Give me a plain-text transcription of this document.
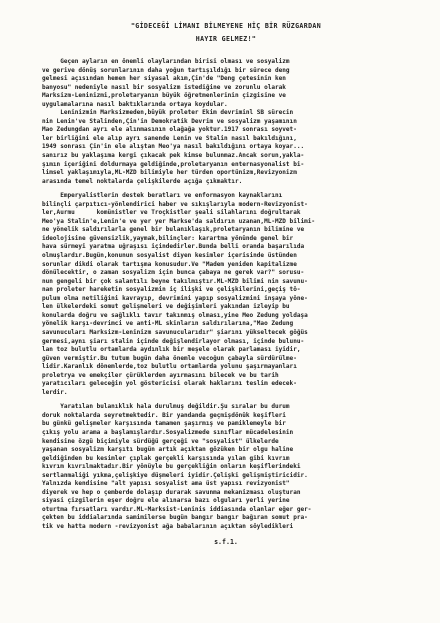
"GİDECEĞİ LİMANI BİLMEYENE HİÇ BİR RÜZGARDAN
HAYIR GELMEZ!"
Geçen ayların en önemli olaylarından birisi olması ve sosyalizm
ve gerive dönüş sorunlarının daha yoğun tartışıldığı bir sürece deng
gelmesi açısından hemen her siyasal akım,Çin'de "Deng çetesinin ken
banyosu" nedeniyle nasıl bir sosyalizm istediğine ve zorunlu olarak
Marksizm-Leninizmi,proletaryanın büyük öğretmenlerinin çizgisine ve
uygulamalarına nasıl baktıklarında ortaya koydular.
Leninizmin Marksizmeden,büyük proleter Ekim devriminl SB sürecin
nin Lenin've Stalinden,Çin'in Demokratik Devrim ve sosyalizm yaşamının
Mao Zedungdan ayrı ele alınmasının olağağa yoktur.1917 sonrası soyvet-
ler birliğini ele alıp ayrı sanende Lenin ve Stalin nasıl bakıldığını,
1949 sonrası Çin'in ele alıştan Meo'ya nasıl bakıldığını ortaya koyar...
sanırız bu yaklaşıma kergi çıkacak pek kimse bulunmaz.Ancak sorun,yakla-
şımın içeriğini doldurmaya geldiğinde,proletaryanın enternasyonalist bi-
limsel yaklaşımıyla,ML-MZD bilimiyle her türden oportünizm,Revizyonizm
arasında temel noktalarda çelişkilerde açığa çıkmaktır.
Emperyalistlerin destek beratları ve enformasyon kaynaklarını
bilinçli çarpıtıcı-yönlendirici haber ve sıkışlarıyla modern-Revizyonist-
ler,Aurmu      komünistler ve Troçkistler şeali silahlarını doğrultarak
Meo'ya Stalin'e,Lenin'e ve yer yer Markse'da saldırın uzanan,ML-MZD bilimi-
ne yönelik saldırılarla genel bir bulanıklaşık,proletaryanın bilimine ve
ideolojisine güvensizlik,yaymak,bilinçler: karartma yönünde genel bir
hava sürmeyi yaratma uğraşısı içindedirler.Bunda belli oranda başarılıda
olmuşlardır.Bugün,konunun sosyalist diyen kesimler içerisinde üstünden
sorunlar dikdi olarak tartışma konusudur.Ve "Madem yeniden kapitalizme
dönülecektir, o zaman sosyalizm için bunca çabaya ne gerek var?" sorusu-
nun gengeli bir çok salantılı beyne takılmıştır.ML-MZD bilimi nin savunu-
nan proleter hareketin sosyalizmin iç ilişki ve çelişkilerini,geçiş tö-
pulum olma netiliğini kavrayıp, devrimini yapıp sosyalizmini inşaya yöne-
len ülkelerdeki somut gelişmeleri ve değişimleri yakından izleyip bu
konularda doğru ve sağlıklı tavır takınmış olması,yine Meo Zedung yoldaşa
yönelik karşı-devrimci ve anti-ML skinların saldırılarına,"Mao Zedung
savunucuları Marksizm-Leninizm savunucularıdır" şiarını yükseltecek göğüs
germesi,aynı şiarı stalin içinde değişlendirlayor olması, içinde bulunu-
lan toz bulutlu ortamlarda aydınlık bir meşele olarak parlaması iyidir,
güven vermiştir.Bu tutum bugün daha önemle vecoğun çabayla sürdürülme-
lidir.Karanlık dönemlerde,toz bulutlu ortamlarda yolunu şaşırmayanları
proletrya ve emekçiler çürüklerden ayırmasını bilecek ve bu tarih
yaratıcıları geleceğin yol göstericisi olarak haklarını teslim edecek-
lerdir.
Yaratılan bulanıklık hala durulmuş değildir.Şu sıralar bu durum
doruk noktalarda seyretmektedir. Bir yandanda geçmişdönük keşifleri
bu günkü gelişmeler karşısında tamamen şaşırmış ve pamiklemeyle bir
çıkış yolu arama a başlamışlardır.Sosyalizmede sınıflar mücadelesinin
kendisine özgü biçimiyle sürdüğü gerçeği ve "sosyalist" ülkelerde
yaşanan sosyalizm karşıtı bugün artık açıktan gözüken bir olgu haline
geldiğinden bu kesimler çıplak gerçekli karşısında yılan gibi kıvrım
kıvrım kıvrılmaktadır.Bir yönüyle bu gerçekliğin onların keşiflerindeki
sertlanmaliği yıkma,çelişkiye düşmeleri iyidir.Çelişki gelişmiştiricidir.
Yalnızda kendisine "alt yapısı sosyalist ama üst yapısı revizyonist"
diyerek ve hep o çemberde dolaşıp durarak savunma mekanizması oluşturan
siyasi çizgilerin eşer doğru ele alınarsa bazı olguları yerli yerine
oturtma fırsatları vardır.ML-Marksist-Leninis iddiasında olanlar eğer ger-
çekten bu iddialarında samimilerse bugün bangır bangır bağıran somut pra-
tik ve hatta modern -revizyonist ağa babalarının açıktan söyledikleri
s.f.1.
